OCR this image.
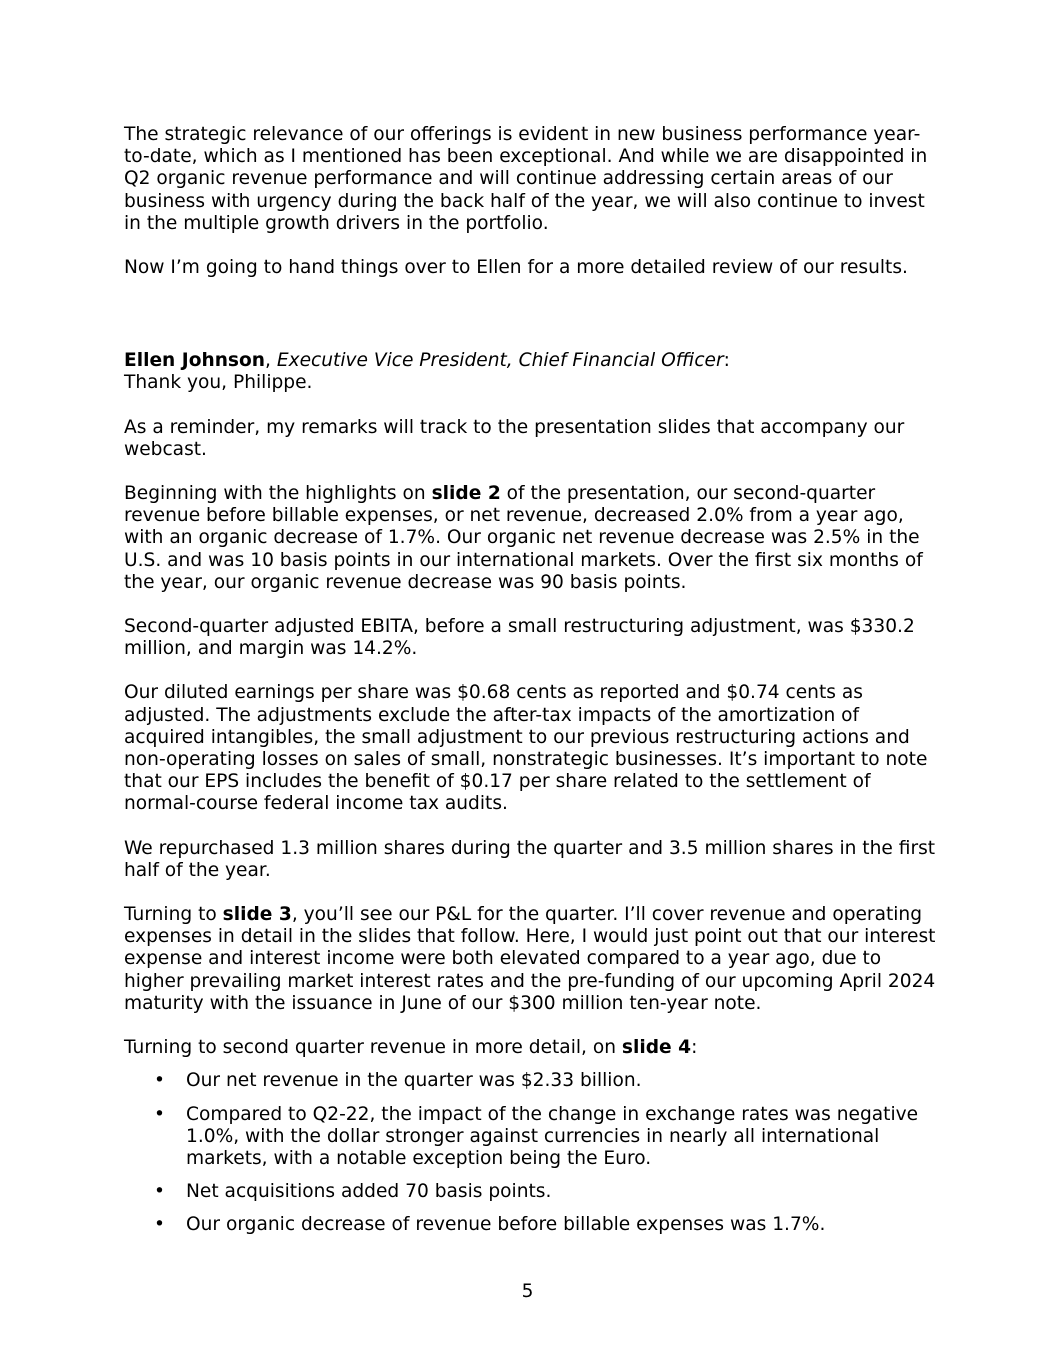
The strategic relevance of our offerings is evident in new business performance year-to-date, which as I mentioned has been exceptional. And while we are disappointed in Q2 organic revenue performance and will continue addressing certain areas of our business with urgency during the back half of the year, we will also continue to invest in the multiple growth drivers in the portfolio.

Now I’m going to hand things over to Ellen for a more detailed review of our results.

Ellen Johnson, Executive Vice President, Chief Financial Officer:

Thank you, Philippe.

As a reminder, my remarks will track to the presentation slides that accompany our webcast.

Beginning with the highlights on slide 2 of the presentation, our second-quarter revenue before billable expenses, or net revenue, decreased 2.0% from a year ago, with an organic decrease of 1.7%. Our organic net revenue decrease was 2.5% in the U.S. and was 10 basis points in our international markets. Over the first six months of the year, our organic revenue decrease was 90 basis points.

Second-quarter adjusted EBITA, before a small restructuring adjustment, was $330.2 million, and margin was 14.2%.

Our diluted earnings per share was $0.68 cents as reported and $0.74 cents as adjusted. The adjustments exclude the after-tax impacts of the amortization of acquired intangibles, the small adjustment to our previous restructuring actions and non-operating losses on sales of small, nonstrategic businesses. It’s important to note that our EPS includes the benefit of $0.17 per share related to the settlement of normal-course federal income tax audits.

We repurchased 1.3 million shares during the quarter and 3.5 million shares in the first half of the year.

Turning to slide 3, you’ll see our P&L for the quarter. I’ll cover revenue and operating expenses in detail in the slides that follow. Here, I would just point out that our interest expense and interest income were both elevated compared to a year ago, due to higher prevailing market interest rates and the pre-funding of our upcoming April 2024 maturity with the issuance in June of our $300 million ten-year note.

Turning to second quarter revenue in more detail, on slide 4:

• Our net revenue in the quarter was $2.33 billion.
• Compared to Q2-22, the impact of the change in exchange rates was negative 1.0%, with the dollar stronger against currencies in nearly all international markets, with a notable exception being the Euro.
• Net acquisitions added 70 basis points.
• Our organic decrease of revenue before billable expenses was 1.7%.
5
